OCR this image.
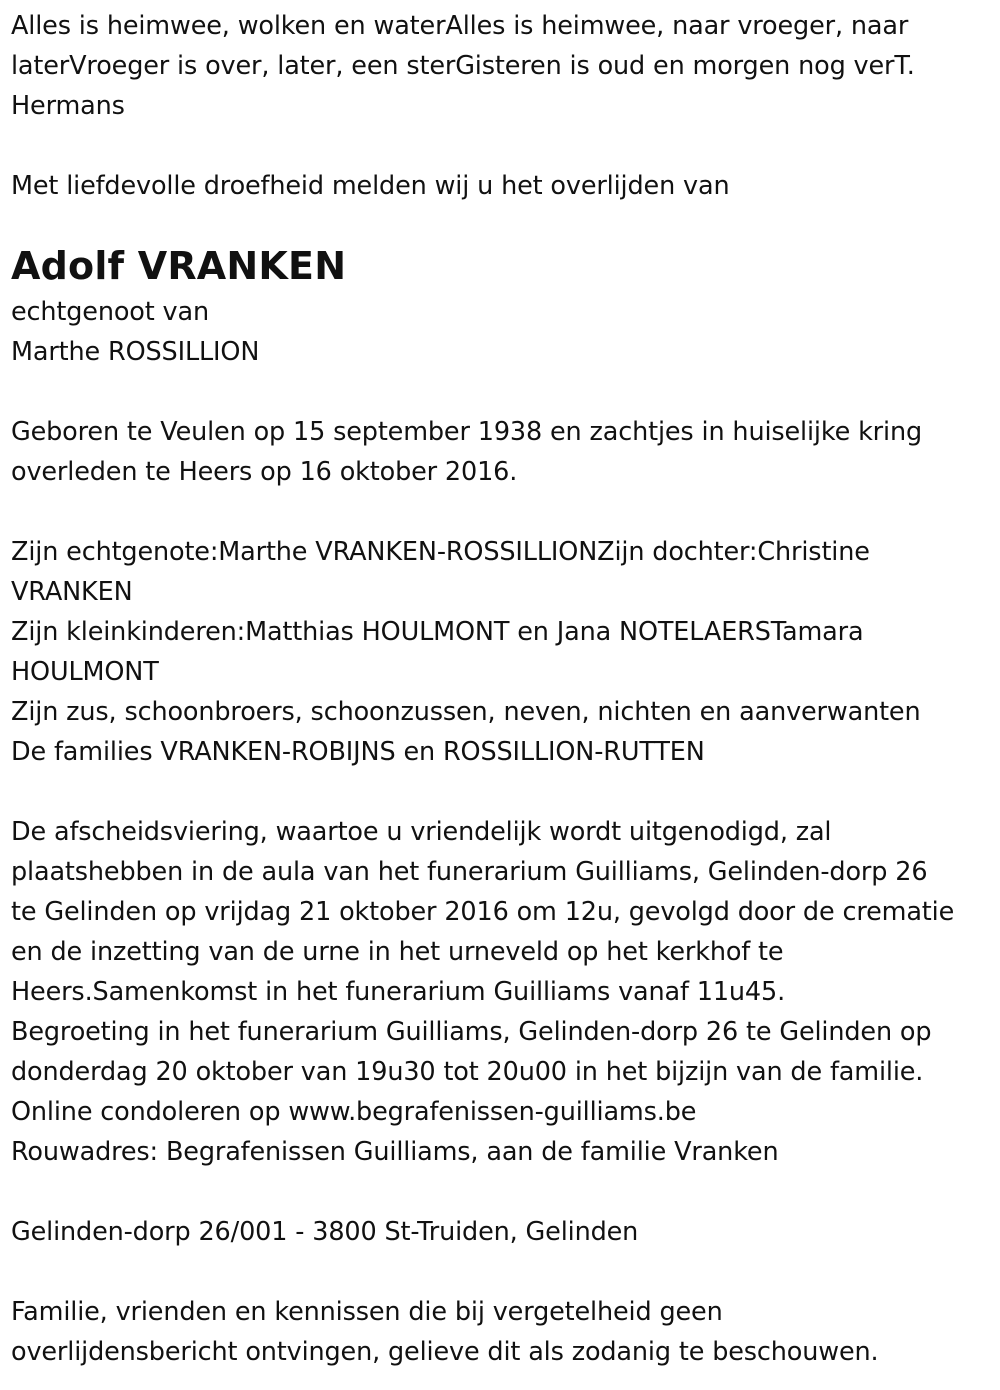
Alles is heimwee, wolken en waterAlles is heimwee, naar vroeger, naar
laterVroeger is over, later, een sterGisteren is oud en morgen nog verT.
Hermans
Met liefdevolle droefheid melden wij u het overlijden van
Adolf VRANKEN
echtgenoot van
Marthe ROSSILLION
Geboren te Veulen op 15 september 1938 en zachtjes in huiselijke kring
overleden te Heers op 16 oktober 2016.
Zijn echtgenote:Marthe VRANKEN-ROSSILLIONZijn dochter:Christine
VRANKEN
Zijn kleinkinderen:Matthias HOULMONT en Jana NOTELAERSTamara
HOULMONT
Zijn zus, schoonbroers, schoonzussen, neven, nichten en aanverwanten
De families VRANKEN-ROBIJNS en ROSSILLION-RUTTEN
De afscheidsviering, waartoe u vriendelijk wordt uitgenodigd, zal
plaatshebben in de aula van het funerarium Guilliams, Gelinden-dorp 26
te Gelinden op vrijdag 21 oktober 2016 om 12u, gevolgd door de crematie
en de inzetting van de urne in het urneveld op het kerkhof te
Heers.Samenkomst in het funerarium Guilliams vanaf 11u45.
Begroeting in het funerarium Guilliams, Gelinden-dorp 26 te Gelinden op
donderdag 20 oktober van 19u30 tot 20u00 in het bijzijn van de familie.
Online condoleren op www.begrafenissen-guilliams.be
Rouwadres: Begrafenissen Guilliams, aan de familie Vranken
Gelinden-dorp 26/001 - 3800 St-Truiden, Gelinden
Familie, vrienden en kennissen die bij vergetelheid geen
overlijdensbericht ontvingen, gelieve dit als zodanig te beschouwen.
